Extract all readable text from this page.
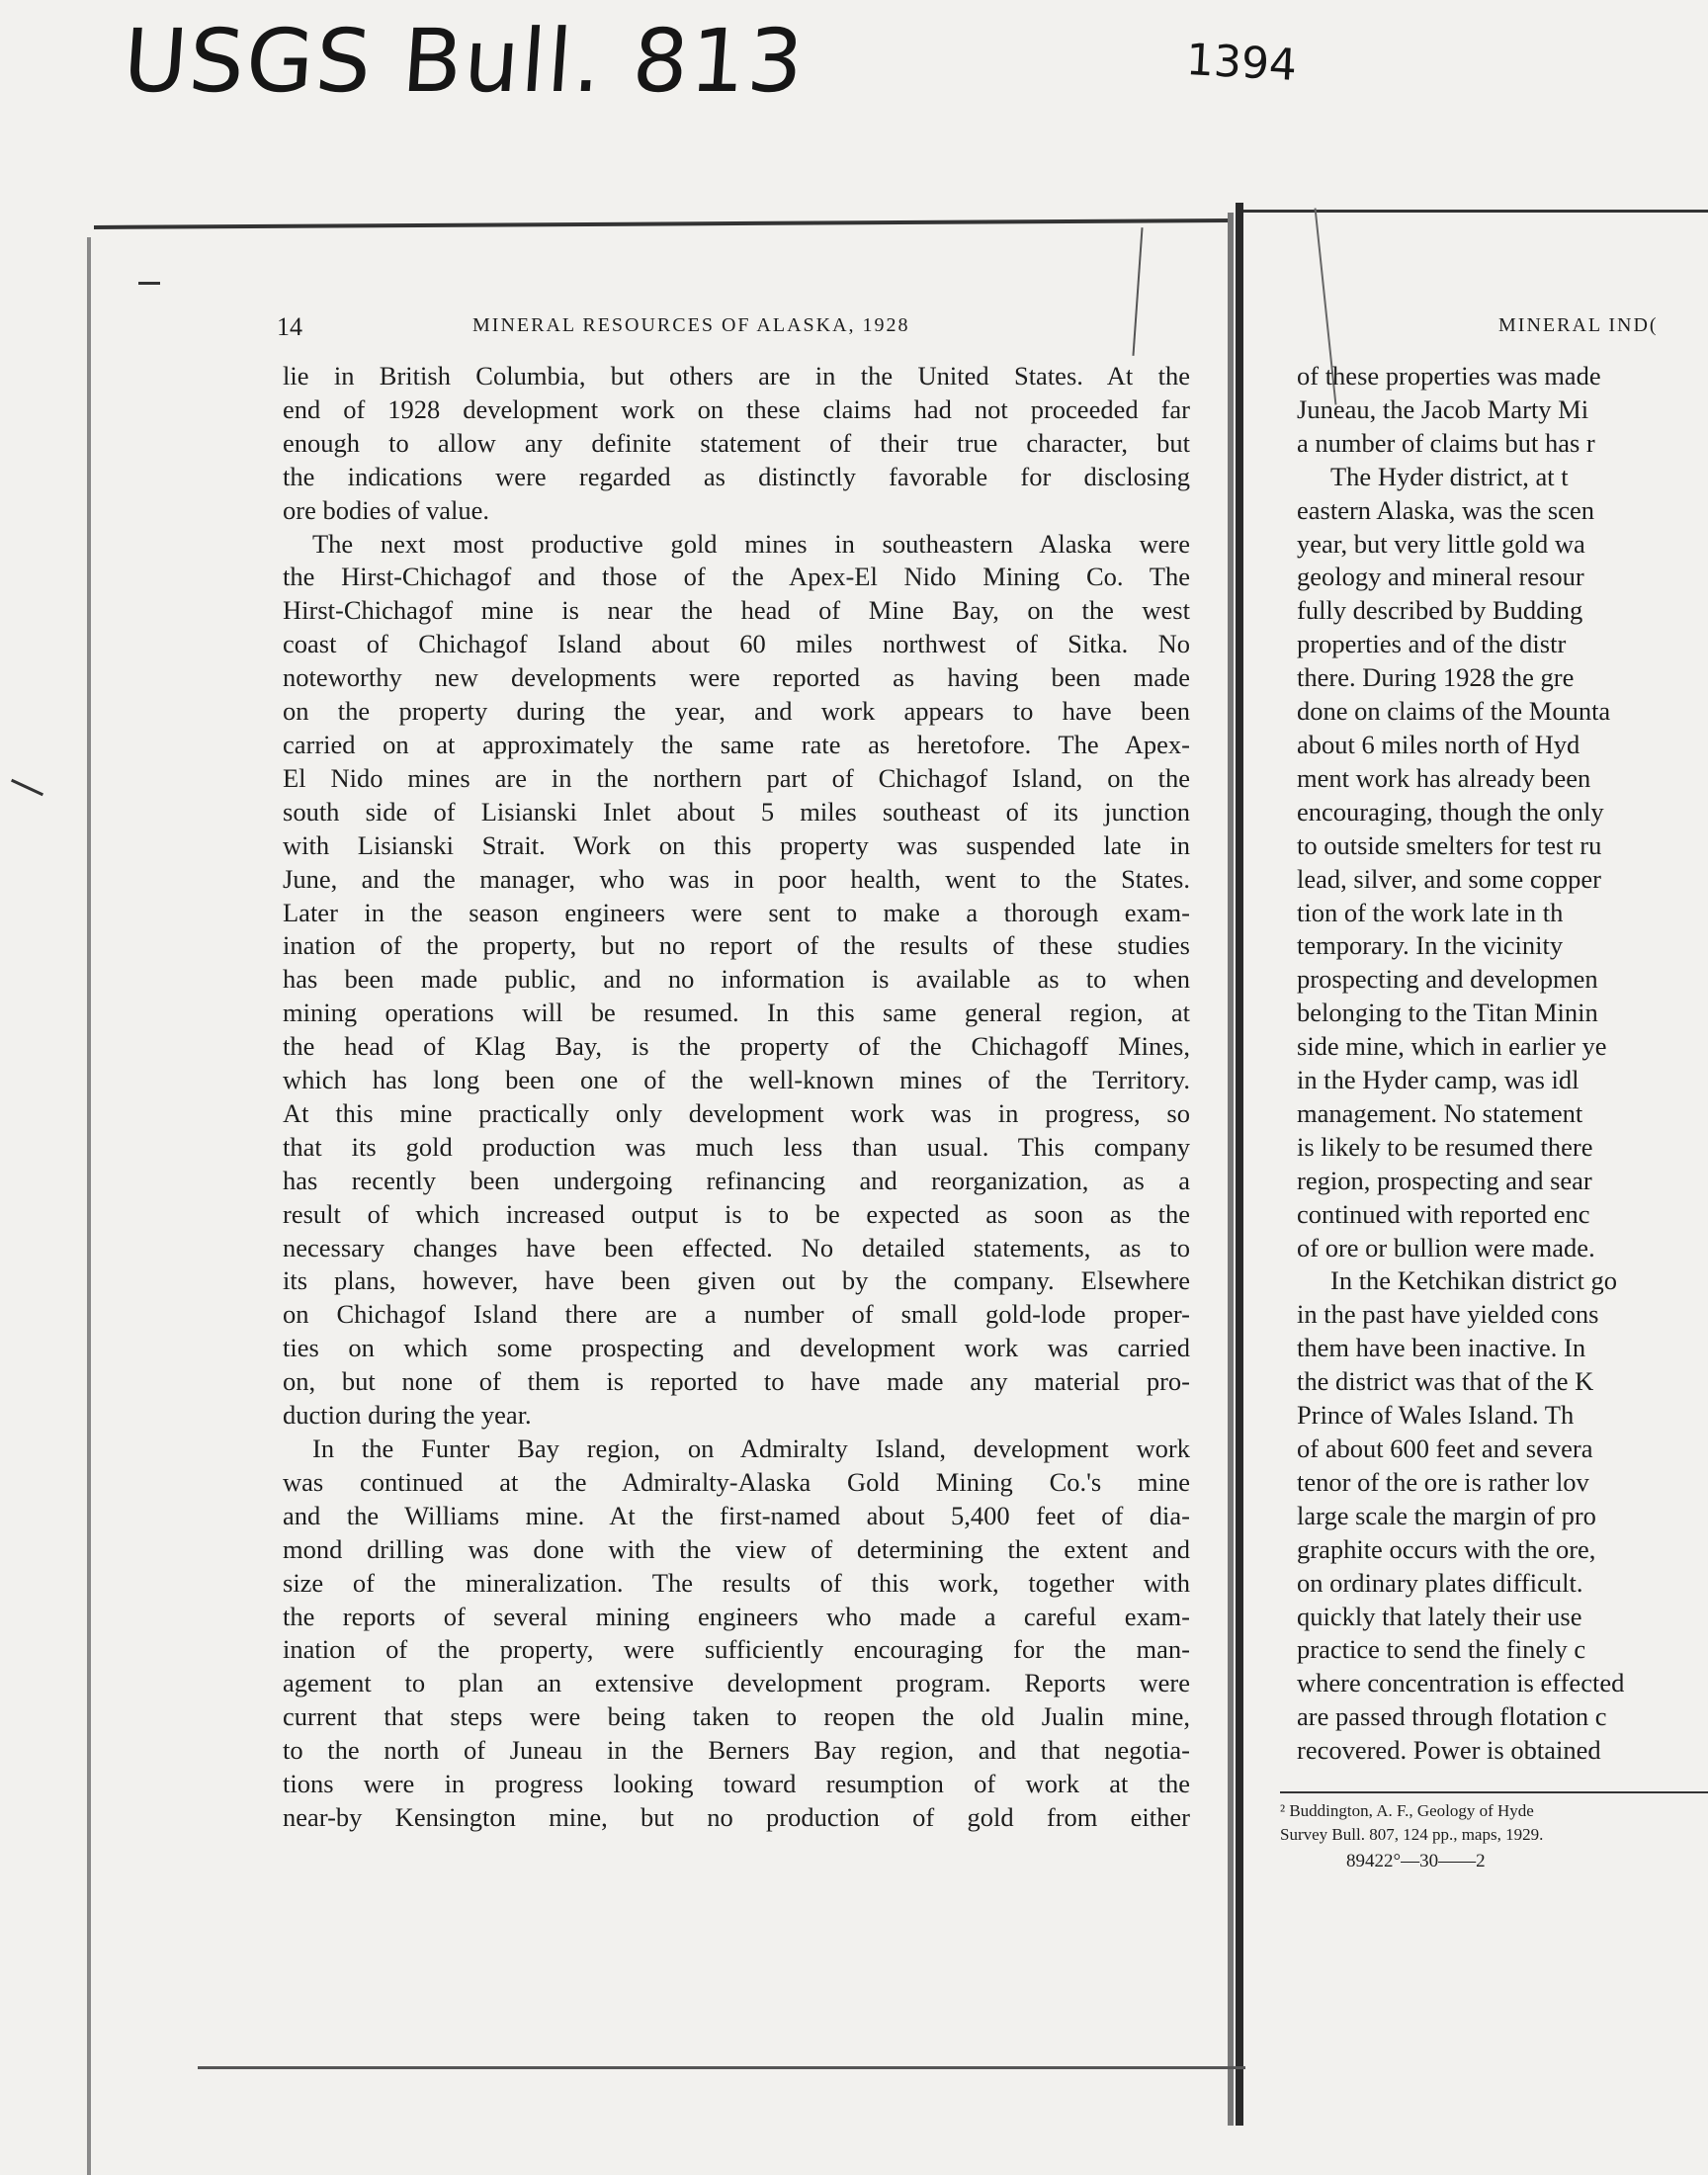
USGS Bull. 813	1394
14	MINERAL RESOURCES OF ALASKA, 1928	MINERAL IND(
lie in British Columbia, but others are in the United States. At the
end of 1928 development work on these claims had not proceeded far
enough to allow any definite statement of their true character, but
the indications were regarded as distinctly favorable for disclosing
ore bodies of value.
The next most productive gold mines in southeastern Alaska were
the Hirst-Chichagof and those of the Apex-El Nido Mining Co. The
Hirst-Chichagof mine is near the head of Mine Bay, on the west
coast of Chichagof Island about 60 miles northwest of Sitka. No
noteworthy new developments were reported as having been made
on the property during the year, and work appears to have been
carried on at approximately the same rate as heretofore. The Apex-
El Nido mines are in the northern part of Chichagof Island, on the
south side of Lisianski Inlet about 5 miles southeast of its junction
with Lisianski Strait. Work on this property was suspended late in
June, and the manager, who was in poor health, went to the States.
Later in the season engineers were sent to make a thorough exam-
ination of the property, but no report of the results of these studies
has been made public, and no information is available as to when
mining operations will be resumed. In this same general region, at
the head of Klag Bay, is the property of the Chichagoff Mines,
which has long been one of the well-known mines of the Territory.
At this mine practically only development work was in progress, so
that its gold production was much less than usual. This company
has recently been undergoing refinancing and reorganization, as a
result of which increased output is to be expected as soon as the
necessary changes have been effected. No detailed statements, as to
its plans, however, have been given out by the company. Elsewhere
on Chichagof Island there are a number of small gold-lode proper-
ties on which some prospecting and development work was carried
on, but none of them is reported to have made any material pro-
duction during the year.
In the Funter Bay region, on Admiralty Island, development work
was continued at the Admiralty-Alaska Gold Mining Co.'s mine
and the Williams mine. At the first-named about 5,400 feet of dia-
mond drilling was done with the view of determining the extent and
size of the mineralization. The results of this work, together with
the reports of several mining engineers who made a careful exam-
ination of the property, were sufficiently encouraging for the man-
agement to plan an extensive development program. Reports were
current that steps were being taken to reopen the old Jualin mine,
to the north of Juneau in the Berners Bay region, and that negotia-
tions were in progress looking toward resumption of work at the
near-by Kensington mine, but no production of gold from either
of these properties was made
Juneau, the Jacob Marty Mi
a number of claims but has r
The Hyder district, at t
eastern Alaska, was the scen
year, but very little gold wa
geology and mineral resour
fully described by Budding
properties and of the distr
there. During 1928 the gre
done on claims of the Mounta
about 6 miles north of Hyd
ment work has already been
encouraging, though the only
to outside smelters for test ru
lead, silver, and some copper
tion of the work late in th
temporary. In the vicinity
prospecting and developmen
belonging to the Titan Minin
side mine, which in earlier ye
in the Hyder camp, was idl
management. No statement
is likely to be resumed there
region, prospecting and sear
continued with reported enc
of ore or bullion were made.
In the Ketchikan district go
in the past have yielded cons
them have been inactive. In
the district was that of the K
Prince of Wales Island. Th
of about 600 feet and severa
tenor of the ore is rather lov
large scale the margin of pro
graphite occurs with the ore,
on ordinary plates difficult.
quickly that lately their use
practice to send the finely c
where concentration is effected
are passed through flotation c
recovered. Power is obtained
² Buddington, A. F., Geology of Hyde
Survey Bull. 807, 124 pp., maps, 1929.
89422°—30——2
